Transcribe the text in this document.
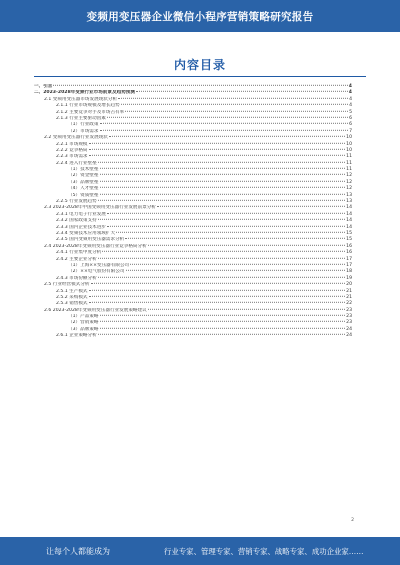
变频用变压器企业微信小程序营销策略研究报告
内容目录
一、引言	4
二、2023-2028年变频行业市场前景及趋势预测	4
2.1 变频用变压器市场发展现状分析	4
2.1.1 行业市场规模及增长趋势	4
2.1.2 主要竞争对手及市场占有率	5
2.1.3 行业主要驱动因素	6
（1）行业政策	6
（2）市场需求	7
2.2 变频用变压器行业发展现状	10
2.2.1 市场规模	10
2.2.2 竞争格局	10
2.2.3 市场需求	11
2.2.4 进入行业壁垒	11
（1）技术壁垒	11
（2）资金壁垒	12
（3）品牌壁垒	12
（4）人才壁垒	12
（5）资质壁垒	13
2.2.5 行业发展趋势	13
2.3 2023-2028年中国变频用变压器行业发展前景分析	14
2.3.1 电力电子行业发展	14
2.3.2 国家政策支持	14
2.3.3 国内企业技术进步	14
2.3.4 变频技术应用领域扩大	15
2.3.5 国内变频用变压器需求分析	15
2.4 2023-2028年变频用变压器行业竞争格局分析	16
2.4.1 行业集中度分析	16
2.4.2 主要企业分析	17
（1）上海××变压器有限公司	17
（2）××电气股份有限公司	18
2.4.3 市场份额分析	19
2.5 行业经营模式分析	20
2.5.1 生产模式	21
2.5.2 采购模式	21
2.5.3 销售模式	22
2.6 2023-2028年变频用变压器行业发展策略建议	23
（1）产品策略	23
（2）营销策略	23
（3）品牌策略	24
2.6.1 企业策略分析	24
2
让每个人都能成为	行业专家、管理专家、营销专家、战略专家、成功企业家……
